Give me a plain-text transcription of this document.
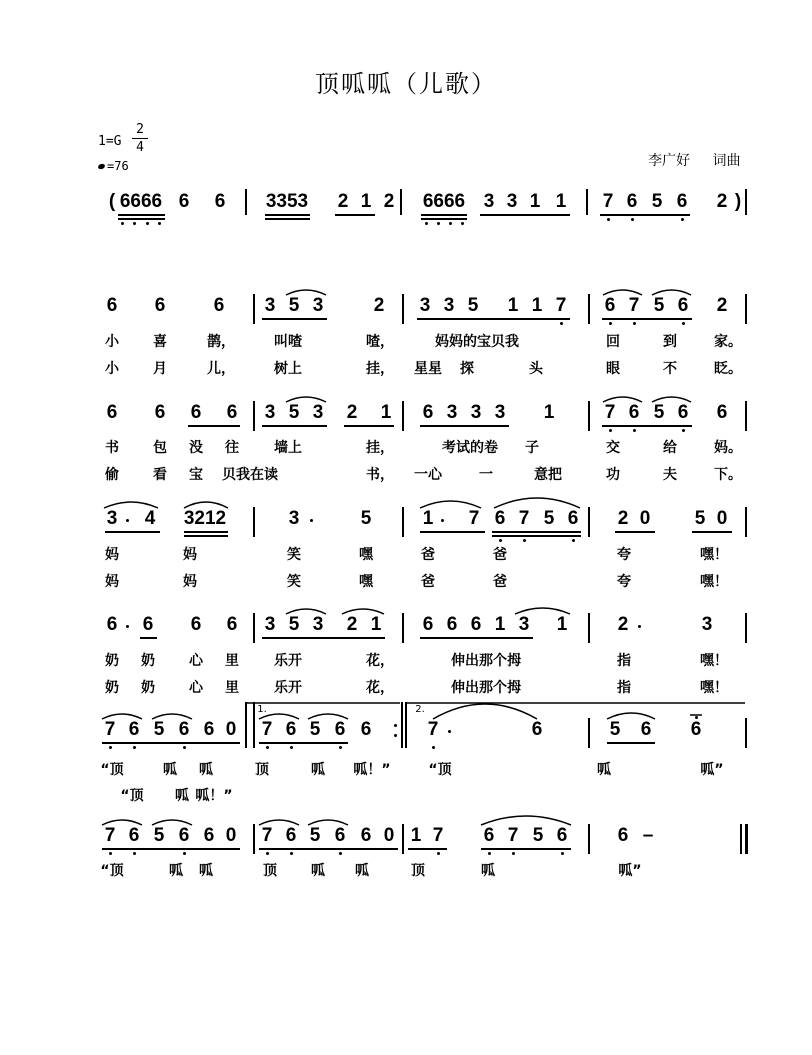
顶呱呱（儿歌）
1=G
2
4
=76	李广好 词曲
( 6666 6 6 3353 2 1 2 6666 3 3 1 1 7 6 5 6 2 )
6 6	6 3 5 3	2 3 3 5 1 1 7 6 7 5 6 2
小 喜	鹊，	叫喳	喳，	妈妈的宝贝我	回	到	家。
小 月	儿，	树上	挂， 星星 探	头	眼	不	眨。
6 6 6 6 3 5 3 2 1 6 3 3 3 1	7 6 5 6 6
书 包 没 往	墙上	挂，	考试的卷 子	交	给	妈。
偷 看 宝 贝我在读	书， 一心	一	意把	功	夫	下。
3 4 3212	3	5	1 7 6 7 5 6 2 0 5 0
妈	妈	笑	嘿	爸	爸	夸	嘿！
妈	妈	笑	嘿	爸	爸	夸	嘿！
6 6 6 6 3 5 3 2 1 6 6 6 1 3 1	2	3
奶 奶 心 里	乐开	花，	伸出那个拇	指	嘿！
奶 奶 心 里	乐开	花，	伸出那个拇	指	嘿！
1.	2.
7 6 5 6 6 0 7 6 5 6 6	7	6	5 6 6
“顶	呱 呱	顶	呱 呱！”	“顶	呱	呱”
“顶 呱 呱！”
7 6 5 6 6 0 7 6 5 6 6 0 1 7 6 7 5 6	6 –
“顶	呱 呱	顶 呱 呱	顶	呱	呱”
